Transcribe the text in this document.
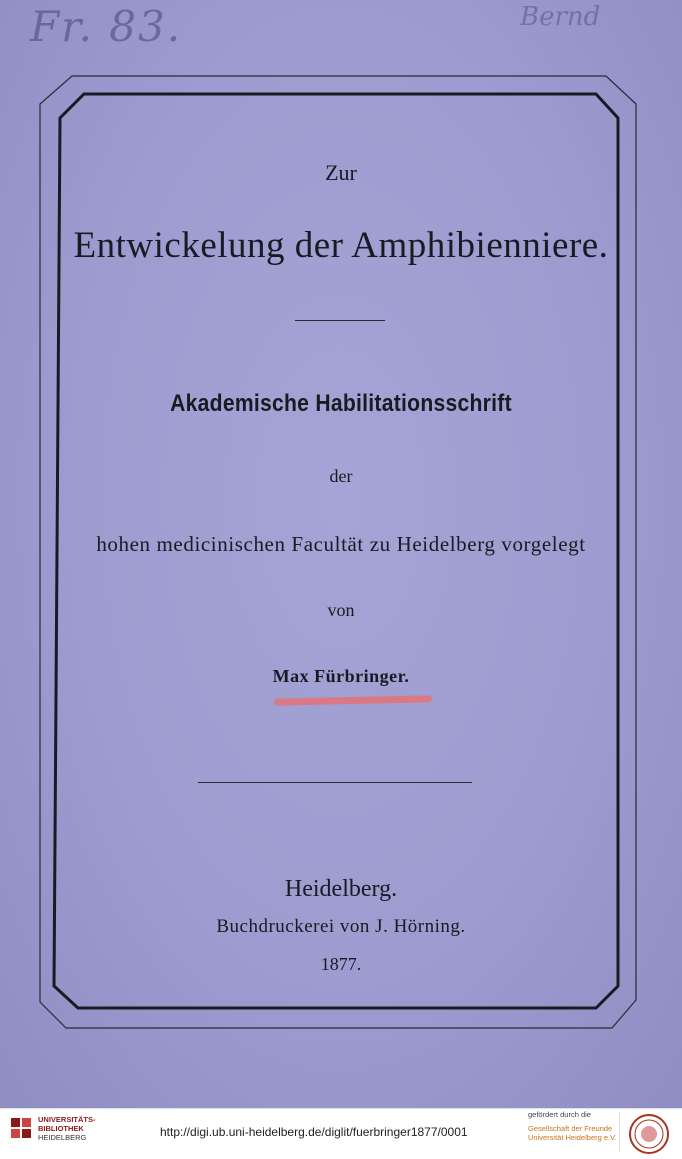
Fr. 83.	Bernd
Zur
Entwickelung der Amphibienniere.
Akademische Habilitationsschrift
der
hohen medicinischen Facultät zu Heidelberg vorgelegt
von
Max Fürbringer.
Heidelberg.
Buchdruckerei von J. Hörning.
1877.
UNIVERSITÄTS-
BIBLIOTHEK
HEIDELBERG	http://digi.ub.uni-heidelberg.de/diglit/fuerbringer1877/0001
gefördert durch die
Gesellschaft der Freunde
Universität Heidelberg e.V.
